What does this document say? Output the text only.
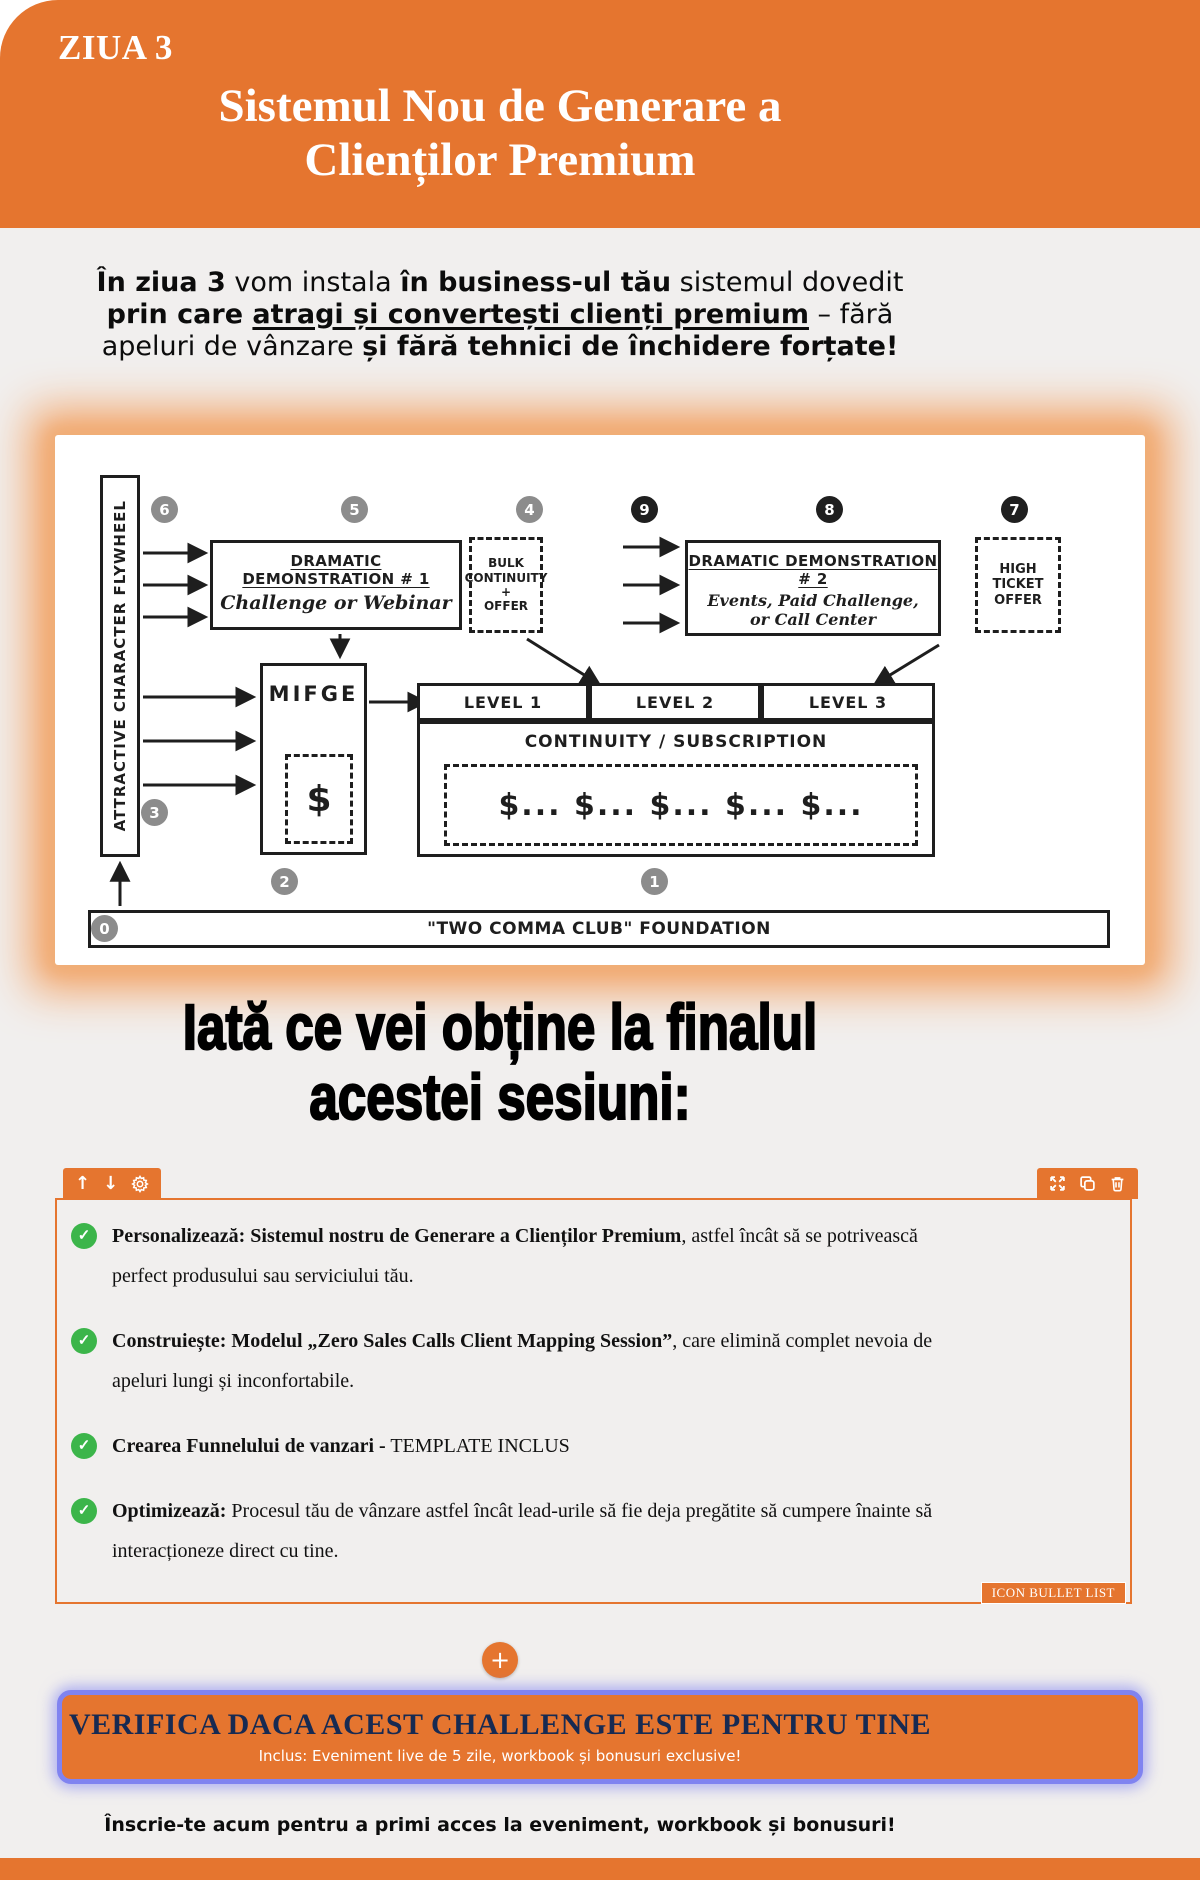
ZIUA 3
Sistemul Nou de Generare a
Clienților Premium

În ziua 3 vom instala în business-ul tău sistemul dovedit
prin care atragi și convertești clienți premium – fără
apeluri de vânzare și fără tehnici de închidere forțate!

ATTRACTIVE CHARACTER FLYWHEEL	6	5	4	9	8	7
3
2	1
0
DRAMATIC DEMONSTRATION # 1
Challenge or Webinar
BULK
CONTINUITY
+
OFFER
DRAMATIC DEMONSTRATION # 2
Events, Paid Challenge,
or Call Center
HIGH
TICKET
OFFER
MIFGE
$
LEVEL 1	LEVEL 2	LEVEL 3
CONTINUITY / SUBSCRIPTION
$... $... $... $... $...
"TWO COMMA CLUB" FOUNDATION
Iată ce vei obține la finalul
acestei sesiuni:
↑ ↓
✓	Personalizează: Sistemul nostru de Generare a Clienților Premium, astfel încât să se potrivească perfect produsului sau serviciului tău.
✓	Construiește: Modelul „Zero Sales Calls Client Mapping Session”, care elimină complet nevoia de apeluri lungi și inconfortabile.
✓	Crearea Funnelului de vanzari - TEMPLATE INCLUS
✓	Optimizează: Procesul tău de vânzare astfel încât lead-urile să fie deja pregătite să cumpere înainte să interacționeze direct cu tine.
ICON BULLET LIST
+
VERIFICA DACA ACEST CHALLENGE ESTE PENTRU TINE
Inclus: Eveniment live de 5 zile, workbook și bonusuri exclusive!

Înscrie-te acum pentru a primi acces la eveniment, workbook și bonusuri!
